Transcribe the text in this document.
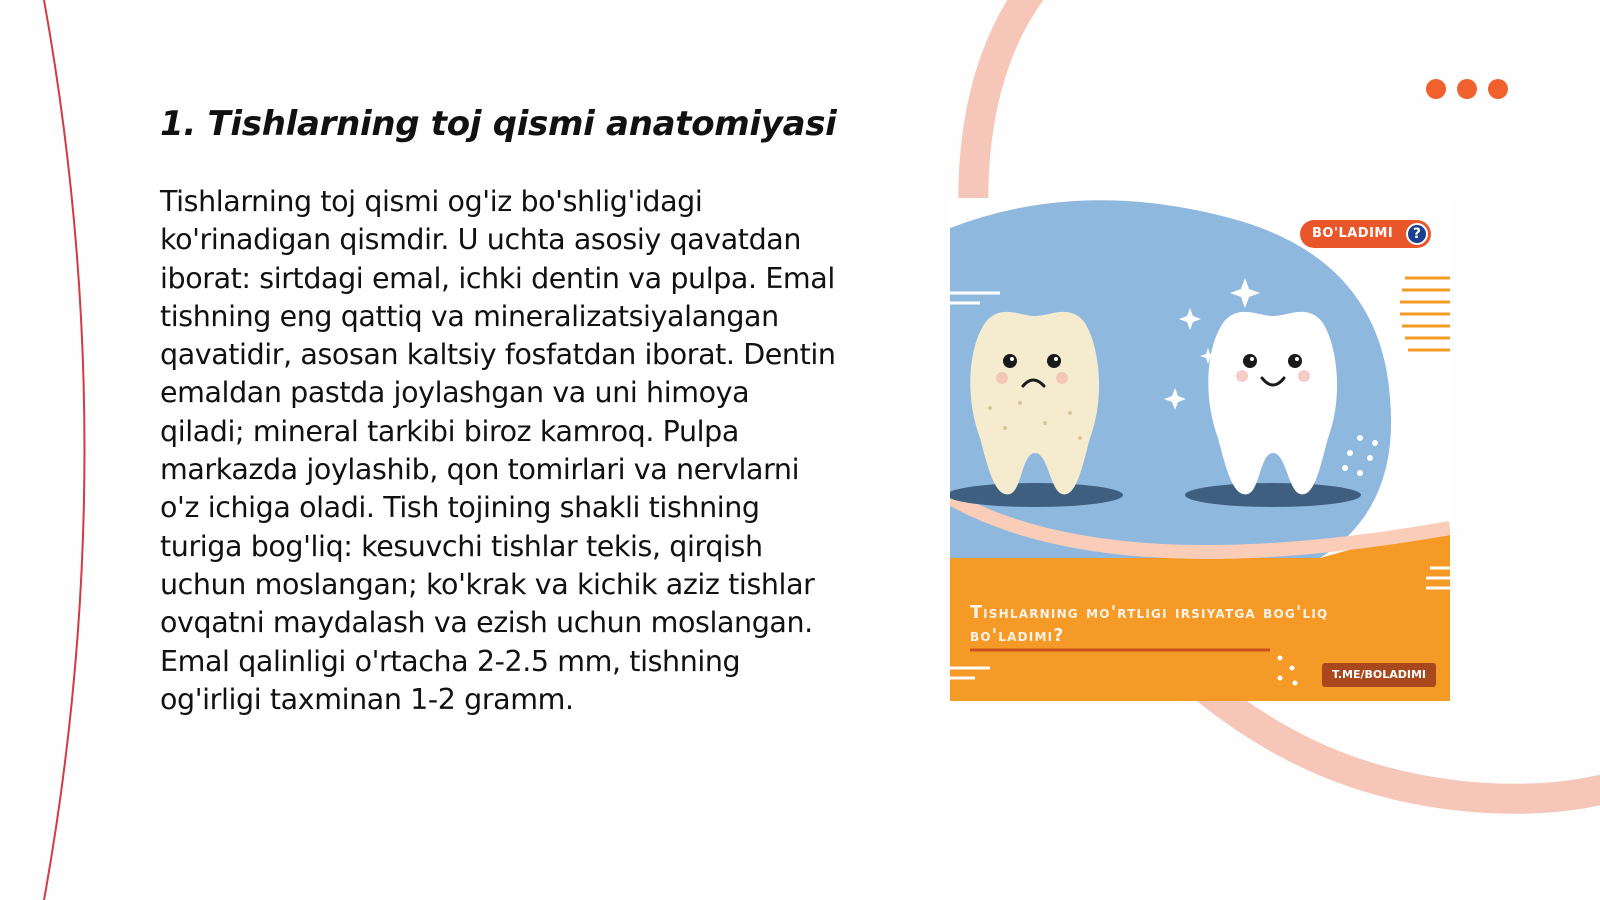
1. Tishlarning toj qismi anatomiyasi

Tishlarning toj qismi og'iz bo'shlig'idagi ko'rinadigan qismdir. U uchta asosiy qavatdan iborat: sirtdagi emal, ichki dentin va pulpa. Emal tishning eng qattiq va mineralizatsiyalangan qavatidir, asosan kaltsiy fosfatdan iborat. Dentin emaldan pastda joylashgan va uni himoya qiladi; mineral tarkibi biroz kamroq. Pulpa markazda joylashib, qon tomirlari va nervlarni o'z ichiga oladi. Tish tojining shakli tishning turiga bog'liq: kesuvchi tishlar tekis, qirqish uchun moslangan; ko'krak va kichik aziz tishlar ovqatni maydalash va ezish uchun moslangan. Emal qalinligi o'rtacha 2-2.5 mm, tishning og'irligi taxminan 1-2 gramm.

BO'LADIMI	?

Tishlarning mo'rtligi irsiyatga bog'liq bo'ladimi?

T.ME/BOLADIMI
